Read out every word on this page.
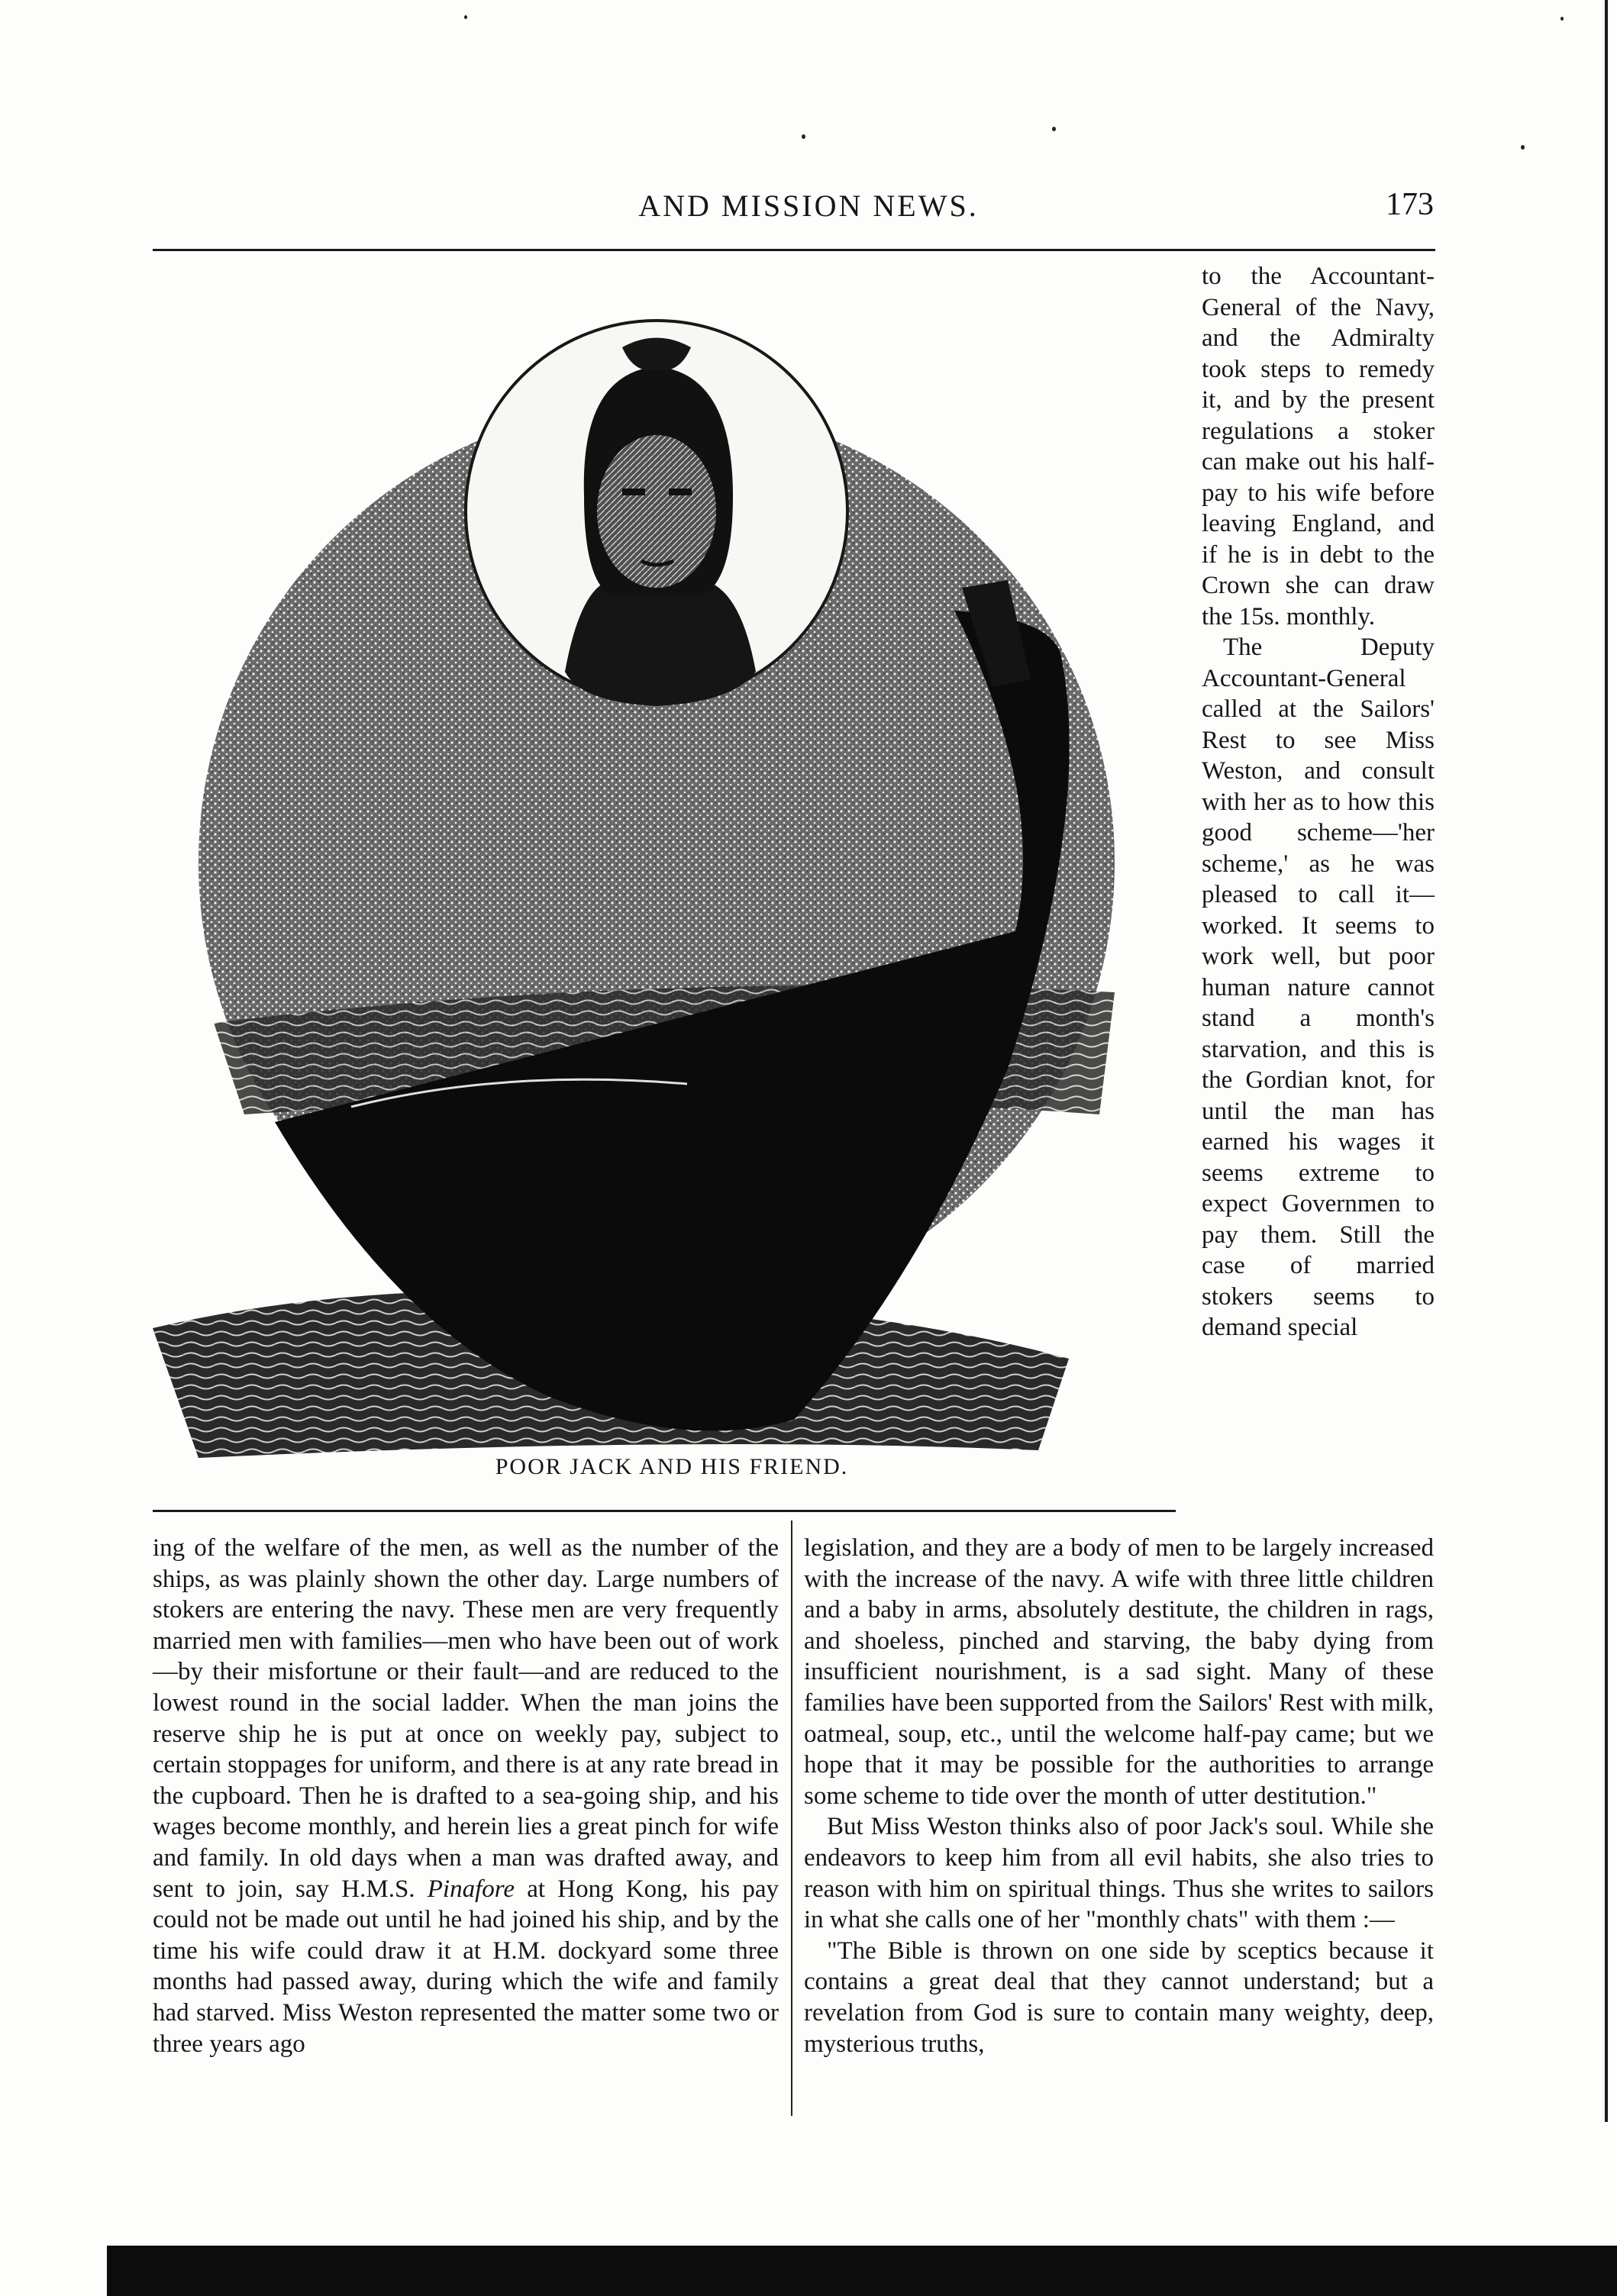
AND MISSION NEWS.	173
POOR JACK AND HIS FRIEND.

to the Accountant-General of the Navy, and the Admiralty took steps to remedy it, and by the present regulations a stoker can make out his half-pay to his wife before leaving England, and if he is in debt to the Crown she can draw the 15s. monthly.

The Deputy Accountant-General called at the Sailors' Rest to see Miss Weston, and consult with her as to how this good scheme—'her scheme,' as he was pleased to call it—worked. It seems to work well, but poor human nature cannot stand a month's starvation, and this is the Gordian knot, for until the man has earned his wages it seems extreme to expect Governmen to pay them. Still the case of married stokers seems to demand special

ing of the welfare of the men, as well as the number of the ships, as was plainly shown the other day. Large numbers of stokers are entering the navy. These men are very frequently married men with families—men who have been out of work—by their misfortune or their fault—and are reduced to the lowest round in the social ladder. When the man joins the reserve ship he is put at once on weekly pay, subject to certain stoppages for uniform, and there is at any rate bread in the cupboard. Then he is drafted to a sea-going ship, and his wages become monthly, and herein lies a great pinch for wife and family. In old days when a man was drafted away, and sent to join, say H.M.S. Pinafore at Hong Kong, his pay could not be made out until he had joined his ship, and by the time his wife could draw it at H.M. dockyard some three months had passed away, during which the wife and family had starved. Miss Weston represented the matter some two or three years ago

legislation, and they are a body of men to be largely increased with the increase of the navy. A wife with three little children and a baby in arms, absolutely destitute, the children in rags, and shoeless, pinched and starving, the baby dying from insufficient nourishment, is a sad sight. Many of these families have been supported from the Sailors' Rest with milk, oatmeal, soup, etc., until the welcome half-pay came; but we hope that it may be possible for the authorities to arrange some scheme to tide over the month of utter destitution."

But Miss Weston thinks also of poor Jack's soul. While she endeavors to keep him from all evil habits, she also tries to reason with him on spiritual things. Thus she writes to sailors in what she calls one of her "monthly chats" with them :—

"The Bible is thrown on one side by sceptics because it contains a great deal that they cannot understand; but a revelation from God is sure to contain many weighty, deep, mysterious truths,
